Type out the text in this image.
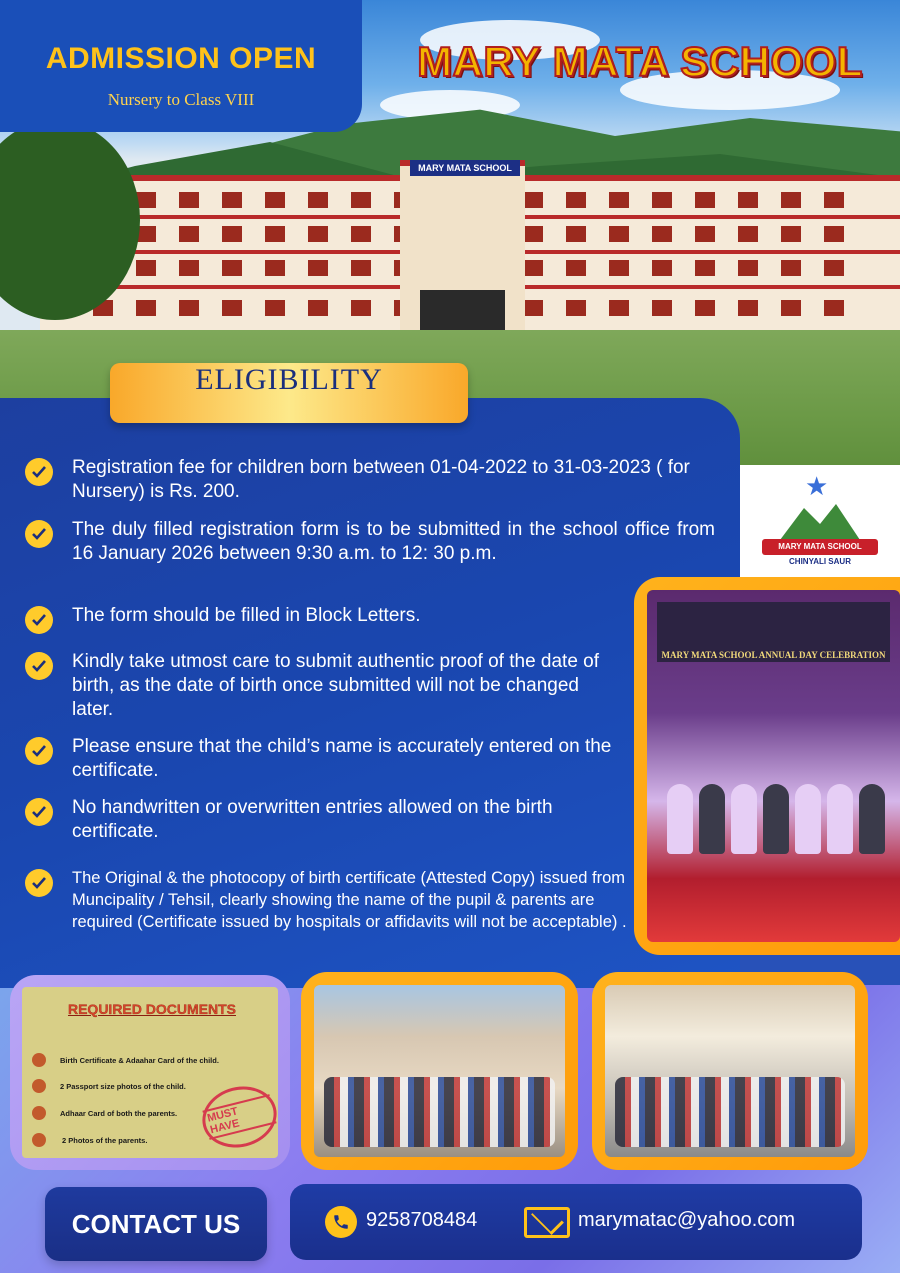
MARY MATA SCHOOL
ADMISSION OPEN
Nursery to Class VIII
MARY MATA SCHOOL
ELIGIBILITY
Registration fee for children born between 01-04-2022 to 31-03-2023 ( for Nursery) is Rs. 200.
The duly filled registration form is to be submitted in the school office from 16 January 2026 between 9:30 a.m. to 12: 30 p.m.
The form should be filled in Block Letters.
Kindly take utmost care to submit authentic proof of the date of birth, as the date of birth once submitted will not be changed later.
Please ensure that the child’s name is accurately entered on the certificate.
No handwritten or overwritten entries allowed on the birth certificate.
The Original & the photocopy of birth certificate (Attested Copy) issued from Muncipality / Tehsil, clearly showing the name of the pupil & parents are required (Certificate issued by hospitals or affidavits will not be acceptable) .
★
MARY MATA SCHOOL
CHINYALI SAUR
MARY MATA SCHOOL ANNUAL DAY CELEBRATION
REQUIRED DOCUMENTS
Birth Certificate & Adaahar Card of the child.
2 Passport size photos of the child.
Adhaar Card of both the parents.
2 Photos of the parents.
MUST HAVE
CONTACT US	9258708484	marymatac@yahoo.com
